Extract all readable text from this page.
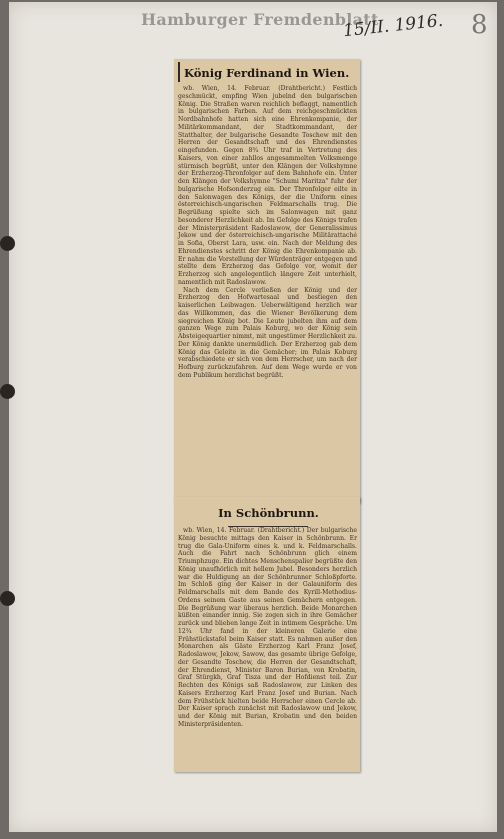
Hamburger Fremdenblatt
15/II. 1916. 8
König Ferdinand in Wien.

wb. Wien, 14. Februar. (Drahtbericht.) Festlich geschmückt, empfing Wien jubelnd den bulgarischen König. Die Straßen waren reichlich beflaggt, namentlich in bulgarischen Farben. Auf dem reichgeschmückten Nordbahnhofe hatten sich eine Ehrenkompanie, der Militärkommandant, der Stadtkommandant, der Statthalter, der bulgarische Gesandte Toschew mit den Herren der Gesandtschaft und des Ehrendienstes eingefunden. Gegen 8¾ Uhr traf in Vertretung des Kaisers, von einer zahllos angesammelten Volksmenge stürmisch begrüßt, unter den Klängen der Volkshymne der Erzherzog-Thronfolger auf dem Bahnhofe ein. Unter den Klängen der Volkshymne "Schumi Maritza" fuhr der bulgarische Hofsonderzug ein. Der Thronfolger eilte in den Salonwagen des Königs, der die Uniform eines österreichisch-ungarischen Feldmarschalls trug. Die Begrüßung spielte sich im Salonwagen mit ganz besonderer Herzlichkeit ab. Im Gefolge des Königs trafen der Ministerpräsident Radoslawow, der Generalissimus Jekow und der österreichisch-ungarische Militärattaché in Sofia, Oberst Lara, usw. ein. Nach der Meldung des Ehrendienstes schritt der König die Ehrenkompanie ab. Er nahm die Vorstellung der Würdenträger entgegen und stellte dem Erzherzog das Gefolge vor, womit der Erzherzog sich angelegentlich längere Zeit unterhielt, namentlich mit Radoslawow.

Nach dem Cercle verließen der König und der Erzherzog den Hofwartesaal und bestiegen den kaiserlichen Leibwagen. Ueberwältigend herzlich war das Willkommen, das die Wiener Bevölkerung dem siegreichen König bot. Die Leute jubelten ihm auf dem ganzen Wege zum Palais Koburg, wo der König sein Absteigequartier nimmt, mit ungestümer Herzlichkeit zu. Der König dankte unermüdlich. Der Erzherzog gab dem König das Geleite in die Gemächer; im Palais Koburg verabschiedete er sich von dem Herrscher, um nach der Hofburg zurückzufahren. Auf dem Wege wurde er von dem Publikum herzlichst begrüßt.

In Schönbrunn.

wb. Wien, 14. Februar. (Drahtbericht.) Der bulgarische König besuchte mittags den Kaiser in Schönbrunn. Er trug die Gala-Uniform eines k. und k. Feldmarschalls. Auch die Fahrt nach Schönbrunn glich einem Triumphzuge. Ein dichtes Menschenspalier begrüßte den König unaufhörlich mit hellem Jubel. Besonders herzlich war die Huldigung an der Schönbrunner Schloßpforte. Im Schloß ging der Kaiser in der Galauniform des Feldmarschalls mit dem Bande des Kyrill-Methodius-Ordens seinem Gaste aus seinen Gemächern entgegen. Die Begrüßung war überaus herzlich. Beide Monarchen küßten einander innig. Sie zogen sich in ihre Gemächer zurück und blieben lange Zeit in intimem Gespräche. Um 12¾ Uhr fand in der kleineren Galerie eine Frühstückstafel beim Kaiser statt. Es nahmen außer den Monarchen als Gäste Erzherzog Karl Franz Josef, Radoslawow, Jekow, Sawow, das gesamte übrige Gefolge, der Gesandte Toschew, die Herren der Gesandtschaft, der Ehrendienst, Minister Baron Burian, von Krobatin, Graf Stürgkh, Graf Tisza und der Hofdienst teil. Zur Rechten des Königs saß Radoslawow, zur Linken des Kaisers Erzherzog Karl Franz Josef und Burian. Nach dem Frühstück hielten beide Herrscher einen Cercle ab. Der Kaiser sprach zunächst mit Radoslawow und Jekow, und der König mit Burian, Krobatin und den beiden Ministerpräsidenten.
